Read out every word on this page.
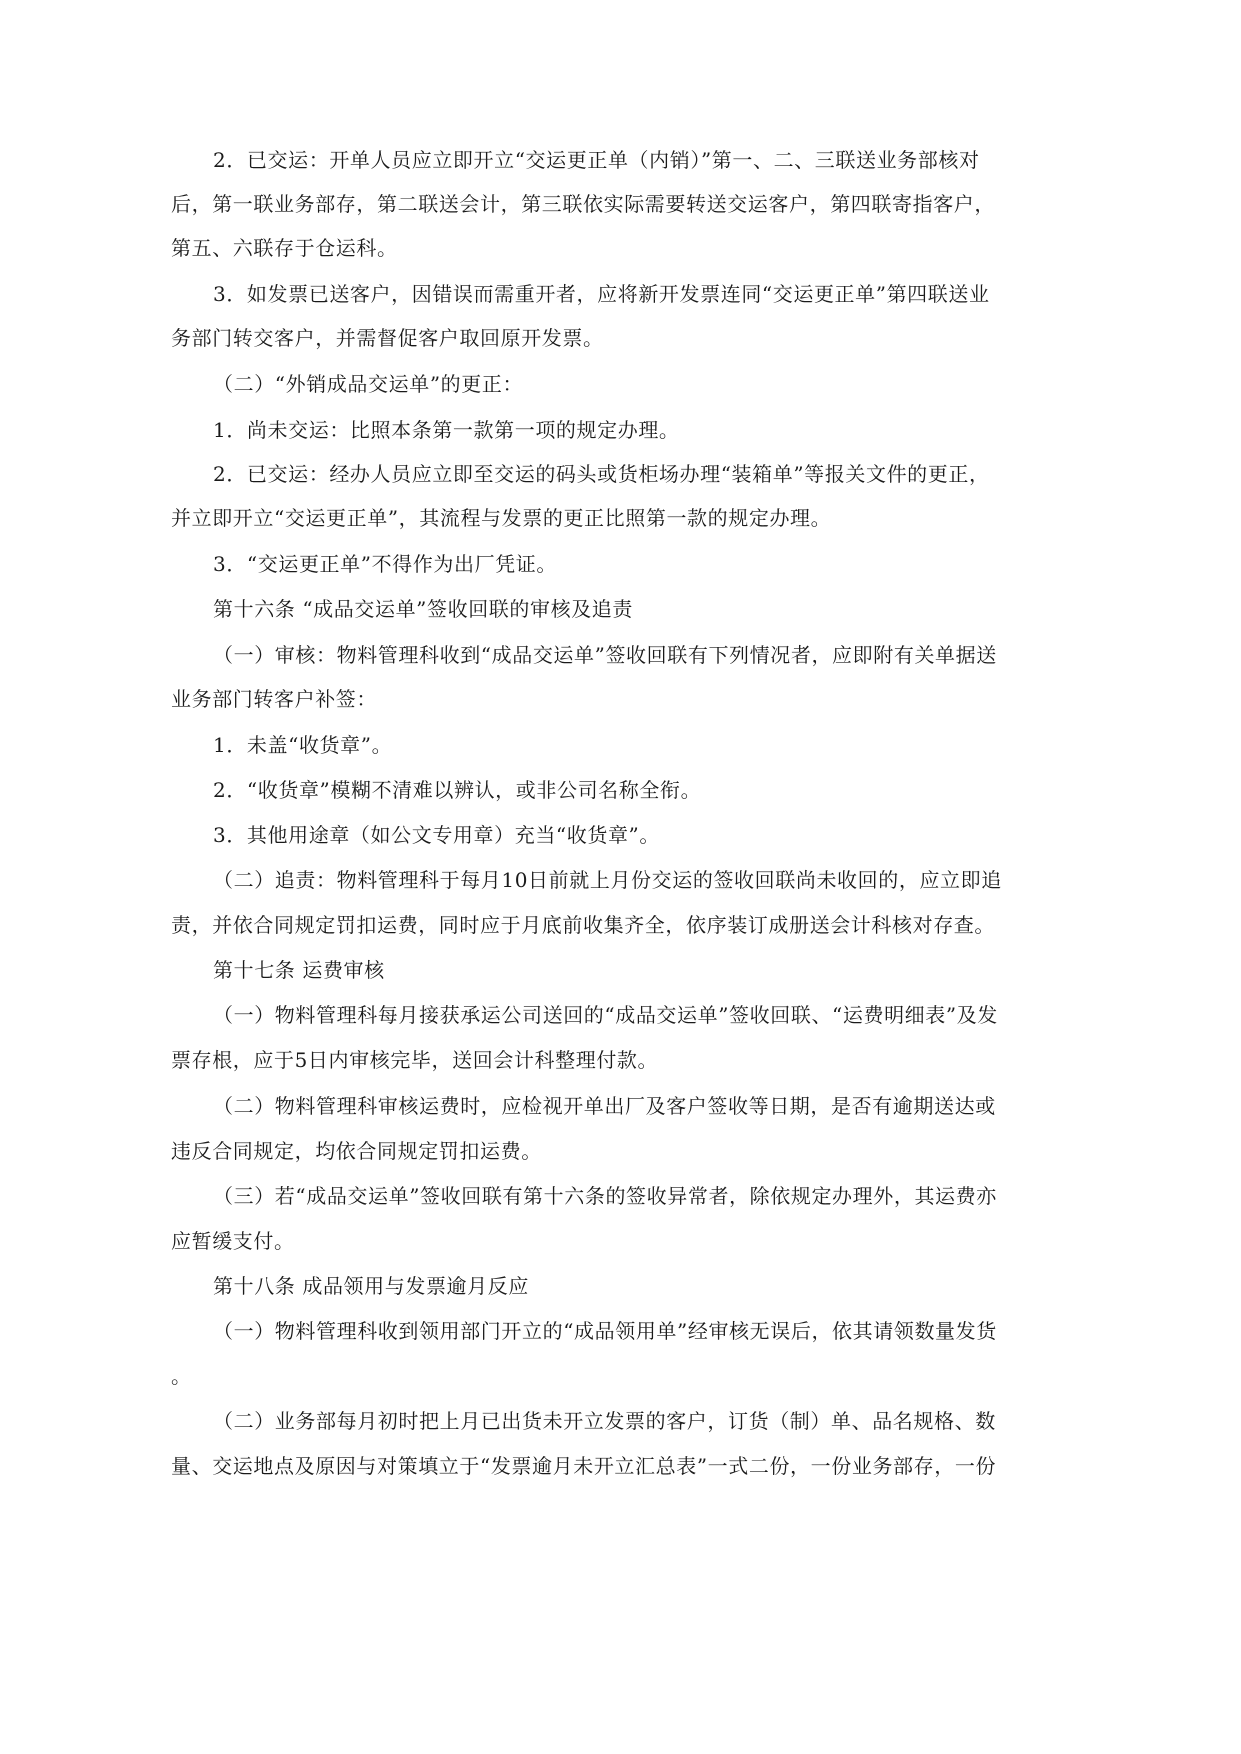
2．已交运：开单人员应立即开立“交运更正单（内销）”第一、二、三联送业务部核对
后，第一联业务部存，第二联送会计，第三联依实际需要转送交运客户，第四联寄指客户，
第五、六联存于仓运科。
3．如发票已送客户，因错误而需重开者，应将新开发票连同“交运更正单”第四联送业
务部门转交客户，并需督促客户取回原开发票。
（二）“外销成品交运单”的更正：
1．尚未交运：比照本条第一款第一项的规定办理。
2．已交运：经办人员应立即至交运的码头或货柜场办理“装箱单”等报关文件的更正，
并立即开立“交运更正单”，其流程与发票的更正比照第一款的规定办理。
3．“交运更正单”不得作为出厂凭证。
第十六条 “成品交运单”签收回联的审核及追责
（一）审核：物料管理科收到“成品交运单”签收回联有下列情况者，应即附有关单据送
业务部门转客户补签：
1．未盖“收货章”。
2．“收货章”模糊不清难以辨认，或非公司名称全衔。
3．其他用途章（如公文专用章）充当“收货章”。
（二）追责：物料管理科于每月10日前就上月份交运的签收回联尚未收回的，应立即追
责，并依合同规定罚扣运费，同时应于月底前收集齐全，依序装订成册送会计科核对存查。
第十七条 运费审核
（一）物料管理科每月接获承运公司送回的“成品交运单”签收回联、“运费明细表”及发
票存根，应于5日内审核完毕，送回会计科整理付款。
（二）物料管理科审核运费时，应检视开单出厂及客户签收等日期，是否有逾期送达或
违反合同规定，均依合同规定罚扣运费。
（三）若“成品交运单”签收回联有第十六条的签收异常者，除依规定办理外，其运费亦
应暂缓支付。
第十八条 成品领用与发票逾月反应
（一）物料管理科收到领用部门开立的“成品领用单”经审核无误后，依其请领数量发货
。
（二）业务部每月初时把上月已出货未开立发票的客户，订货（制）单、品名规格、数
量、交运地点及原因与对策填立于“发票逾月未开立汇总表”一式二份，一份业务部存，一份
